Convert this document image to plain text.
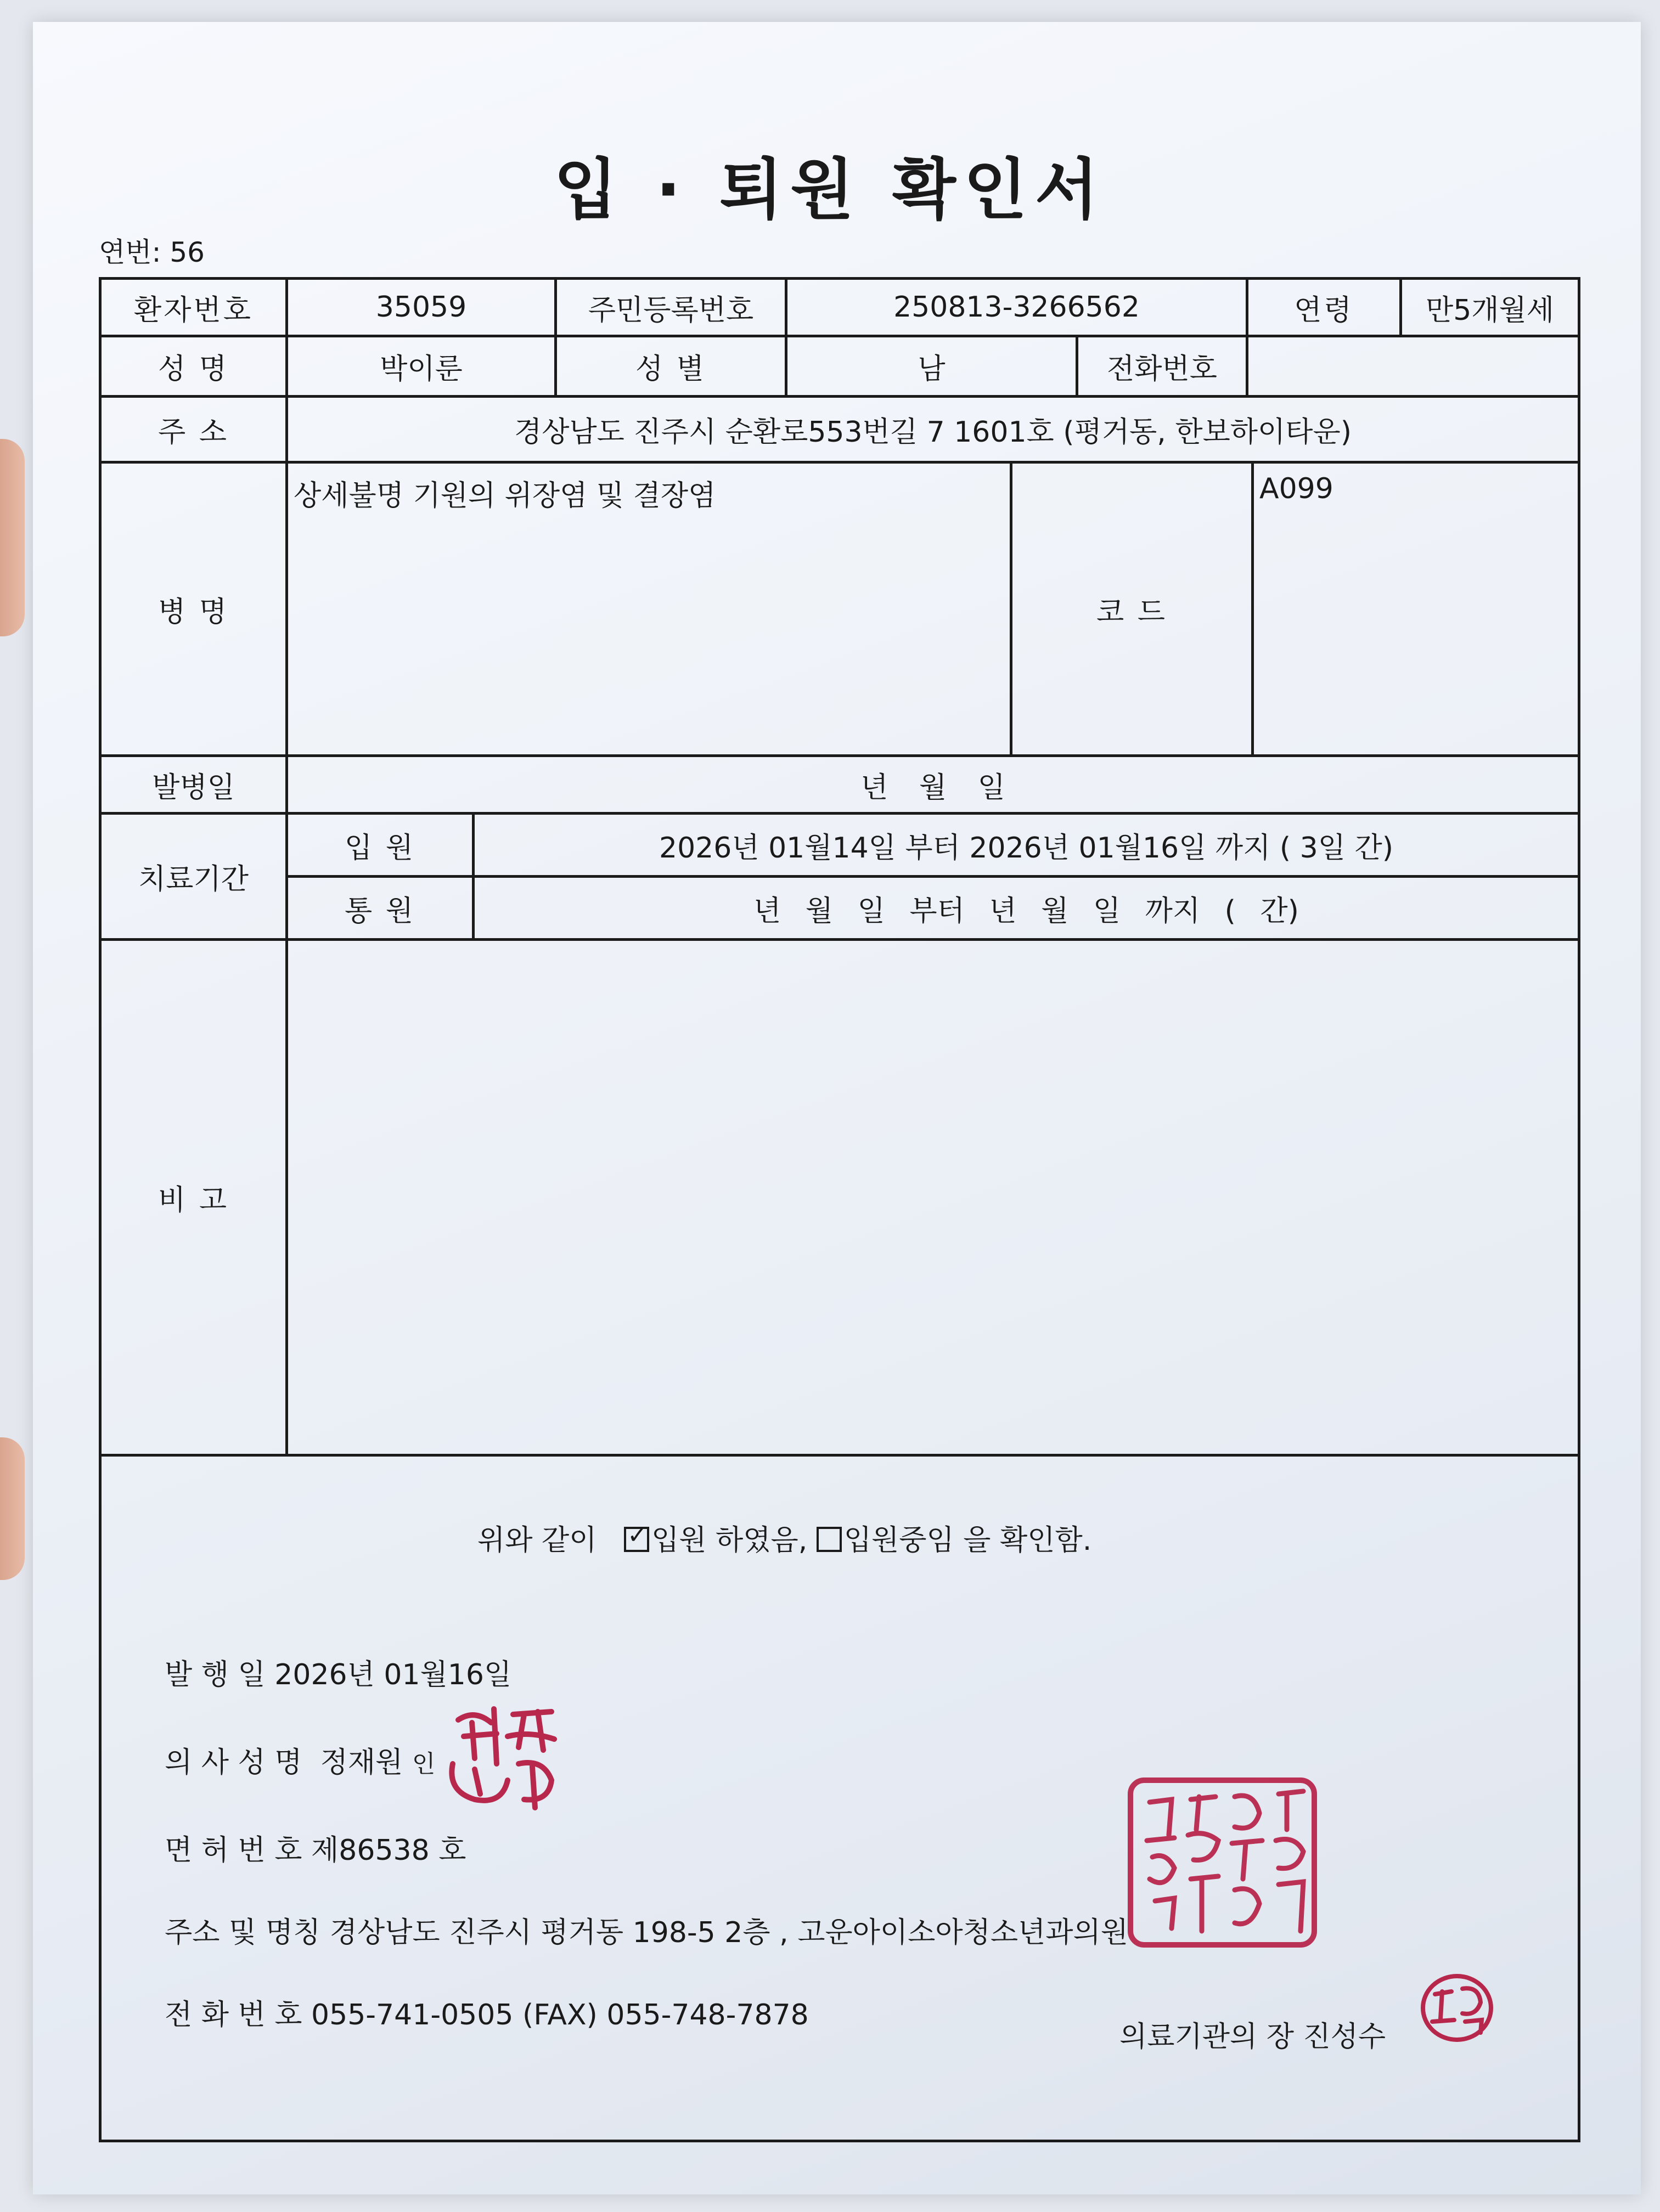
입 · 퇴원 확인서
연번: 56
환자번호	35059	주민등록번호	250813-3266562	연령	만5개월세
성 명	박이룬	성 별	남	전화번호
주 소	경상남도 진주시 순환로553번길 7 1601호 (평거동, 한보하이타운)
병 명
상세불명 기원의 위장염 및 결장염
코 드
A099
발병일	년 월 일
치료기간
입 원	2026년 01월14일 부터 2026년 01월16일 까지 ( 3일 간)
통 원	년 월 일 부터 년 월 일 까지 ( 간)
비 고
위와 같이   ✓ 입원 하였음, 입원중임 을 확인함.
발 행 일 2026년 01월16일
의 사 성 명 정재원 인
면 허 번 호 제86538 호
주소 및 명칭 경상남도 진주시 평거동 198-5 2층 , 고운아이소아청소년과의원
전 화 번 호 055-741-0505 (FAX) 055-748-7878
의료기관의 장 진성수
